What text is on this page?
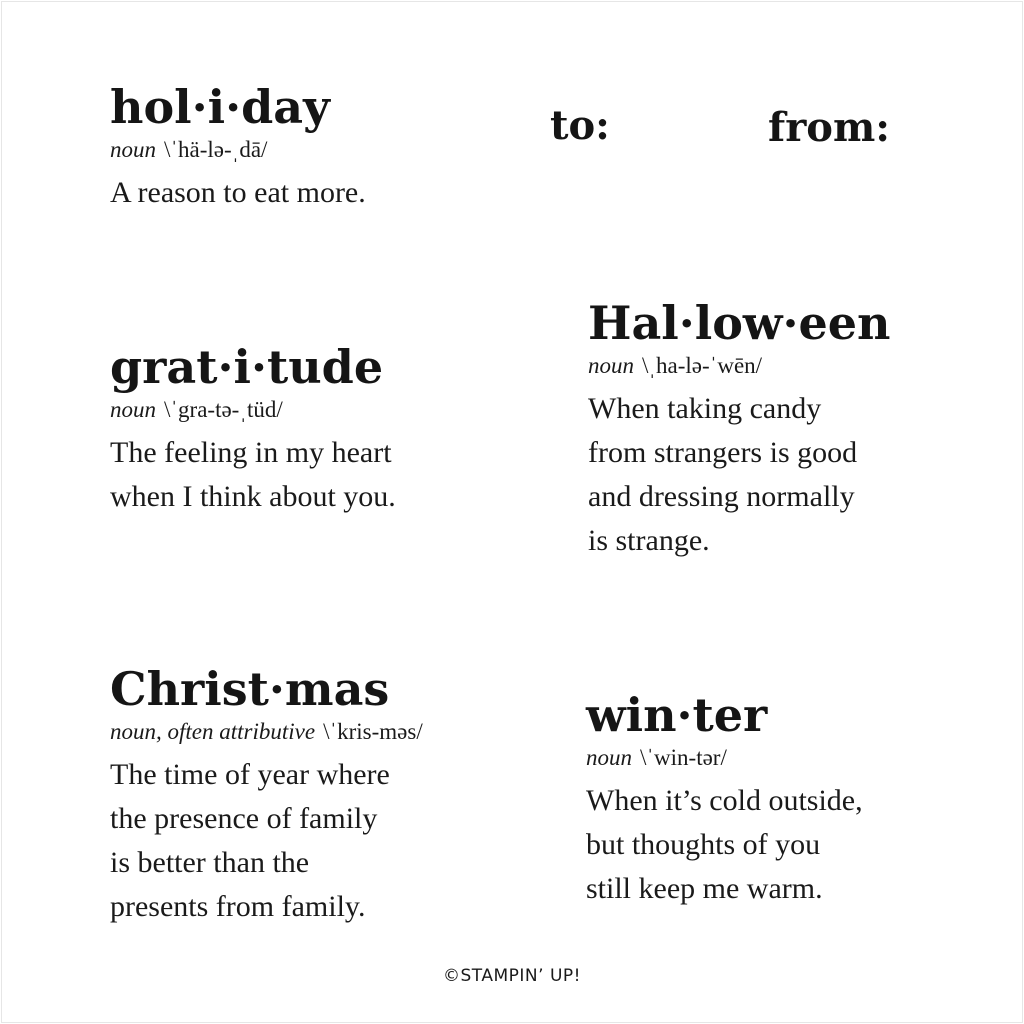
hol·i·day
noun \ˈhä-lə-ˌdā/
A reason to eat more.
to:	from:
grat·i·tude
noun \ˈgra-tə-ˌtüd/
The feeling in my heart
when I think about you.
Hal·low·een
noun \ˌha-lə-ˈwēn/
When taking candy
from strangers is good
and dressing normally
is strange.
Christ·mas
noun, often attributive \ˈkris-məs/
The time of year where
the presence of family
is better than the
presents from family.
win·ter
noun \ˈwin-tər/
When it’s cold outside,
but thoughts of you
still keep me warm.
©STAMPIN’ UP!
